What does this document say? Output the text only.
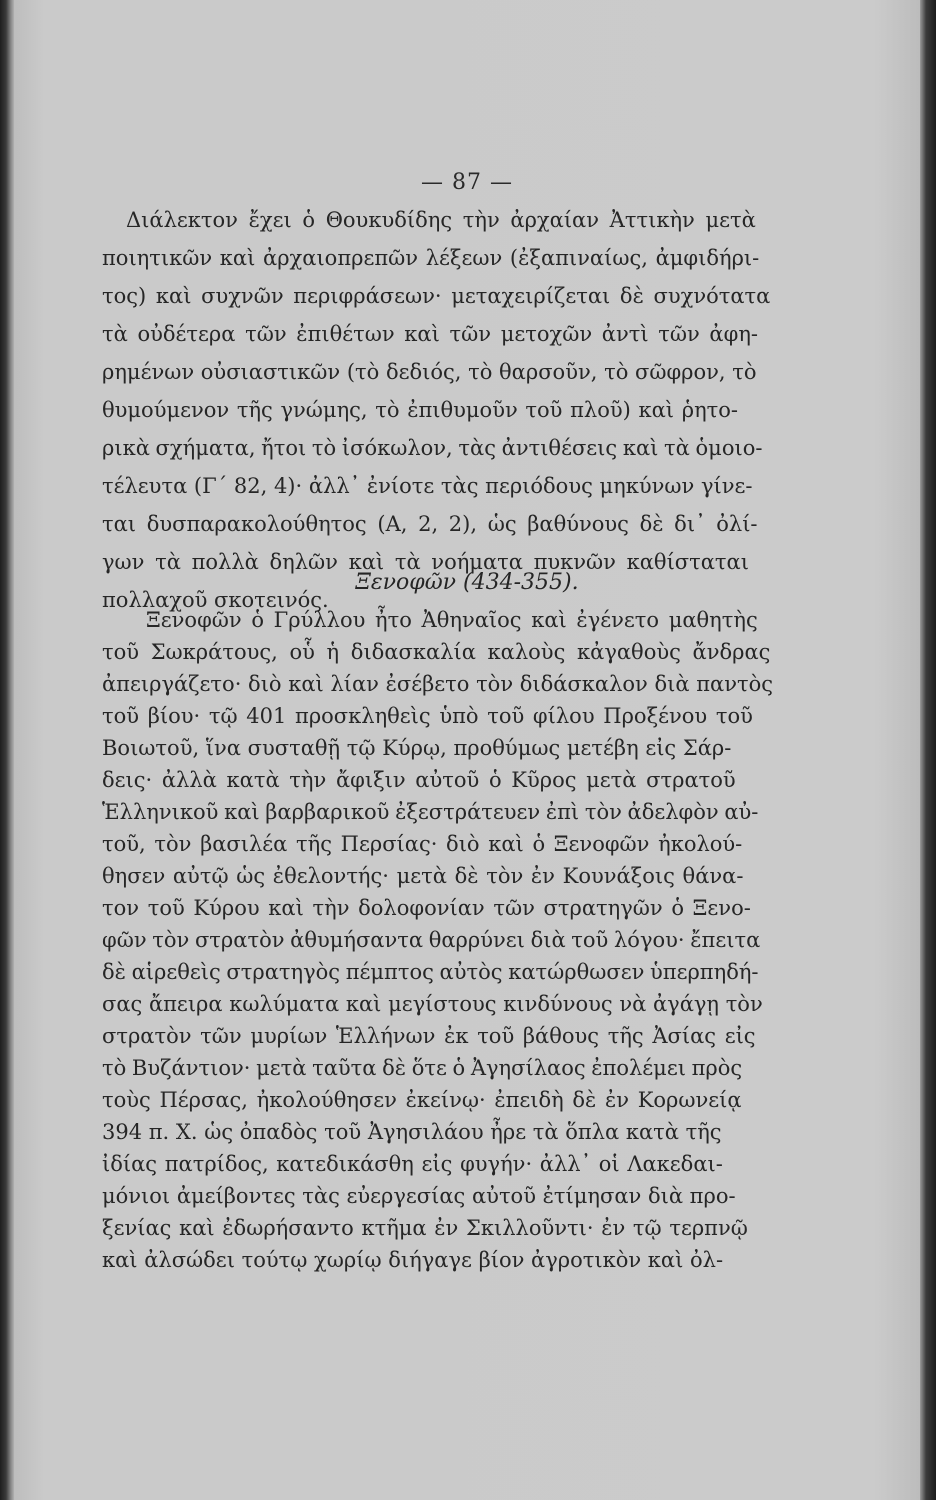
— 87 —
Διάλεκτον ἔχει ὁ Θουκυδίδης τὴν ἀρχαίαν Ἀττικὴν μετὰ
ποιητικῶν καὶ ἀρχαιοπρεπῶν λέξεων (ἐξαπιναίως, ἀμφιδήρι-
τος) καὶ συχνῶν περιφράσεων· μεταχειρίζεται δὲ συχνότατα
τὰ οὐδέτερα τῶν ἐπιθέτων καὶ τῶν μετοχῶν ἀντὶ τῶν ἀφη-
ρημένων οὐσιαστικῶν (τὸ δεδιός, τὸ θαρσοῦν, τὸ σῶφρον, τὸ
θυμούμενον τῆς γνώμης, τὸ ἐπιθυμοῦν τοῦ πλοῦ) καὶ ῥητο-
ρικὰ σχήματα, ἤτοι τὸ ἰσόκωλον, τὰς ἀντιθέσεις καὶ τὰ ὁμοιο-
τέλευτα (Γ΄ 82, 4)· ἀλλ᾽ ἐνίοτε τὰς περιόδους μηκύνων γίνε-
ται δυσπαρακολούθητος (Α, 2, 2), ὡς βαθύνους δὲ δι᾽ ὀλί-
γων τὰ πολλὰ δηλῶν καὶ τὰ νοήματα πυκνῶν καθίσταται
πολλαχοῦ σκοτεινός.
Ξενοφῶν (434-355).
Ξενοφῶν ὁ Γρύλλου ἦτο Ἀθηναῖος καὶ ἐγένετο μαθητὴς
τοῦ Σωκράτους, οὗ ἡ διδασκαλία καλοὺς κἀγαθοὺς ἄνδρας
ἀπειργάζετο· διὸ καὶ λίαν ἐσέβετο τὸν διδάσκαλον διὰ παντὸς
τοῦ βίου· τῷ 401 προσκληθεὶς ὑπὸ τοῦ φίλου Προξένου τοῦ
Βοιωτοῦ, ἵνα συσταθῇ τῷ Κύρῳ, προθύμως μετέβη εἰς Σάρ-
δεις· ἀλλὰ κατὰ τὴν ἄφιξιν αὐτοῦ ὁ Κῦρος μετὰ στρατοῦ
Ἑλληνικοῦ καὶ βαρβαρικοῦ ἐξεστράτευεν ἐπὶ τὸν ἀδελφὸν αὐ-
τοῦ, τὸν βασιλέα τῆς Περσίας· διὸ καὶ ὁ Ξενοφῶν ἠκολού-
θησεν αὐτῷ ὡς ἐθελοντής· μετὰ δὲ τὸν ἐν Κουνάξοις θάνα-
τον τοῦ Κύρου καὶ τὴν δολοφονίαν τῶν στρατηγῶν ὁ Ξενο-
φῶν τὸν στρατὸν ἀθυμήσαντα θαρρύνει διὰ τοῦ λόγου· ἔπειτα
δὲ αἱρεθεὶς στρατηγὸς πέμπτος αὐτὸς κατώρθωσεν ὑπερπηδή-
σας ἄπειρα κωλύματα καὶ μεγίστους κινδύνους νὰ ἀγάγῃ τὸν
στρατὸν τῶν μυρίων Ἑλλήνων ἐκ τοῦ βάθους τῆς Ἀσίας εἰς
τὸ Βυζάντιον· μετὰ ταῦτα δὲ ὅτε ὁ Ἀγησίλαος ἐπολέμει πρὸς
τοὺς Πέρσας, ἠκολούθησεν ἐκείνῳ· ἐπειδὴ δὲ ἐν Κορωνείᾳ
394 π. Χ. ὡς ὀπαδὸς τοῦ Ἀγησιλάου ἦρε τὰ ὅπλα κατὰ τῆς
ἰδίας πατρίδος, κατεδικάσθη εἰς φυγήν· ἀλλ᾽ οἱ Λακεδαι-
μόνιοι ἀμείβοντες τὰς εὐεργεσίας αὐτοῦ ἐτίμησαν διὰ προ-
ξενίας καὶ ἐδωρήσαντο κτῆμα ἐν Σκιλλοῦντι· ἐν τῷ τερπνῷ
καὶ ἀλσώδει τούτῳ χωρίῳ διήγαγε βίον ἀγροτικὸν καὶ ὀλ-
